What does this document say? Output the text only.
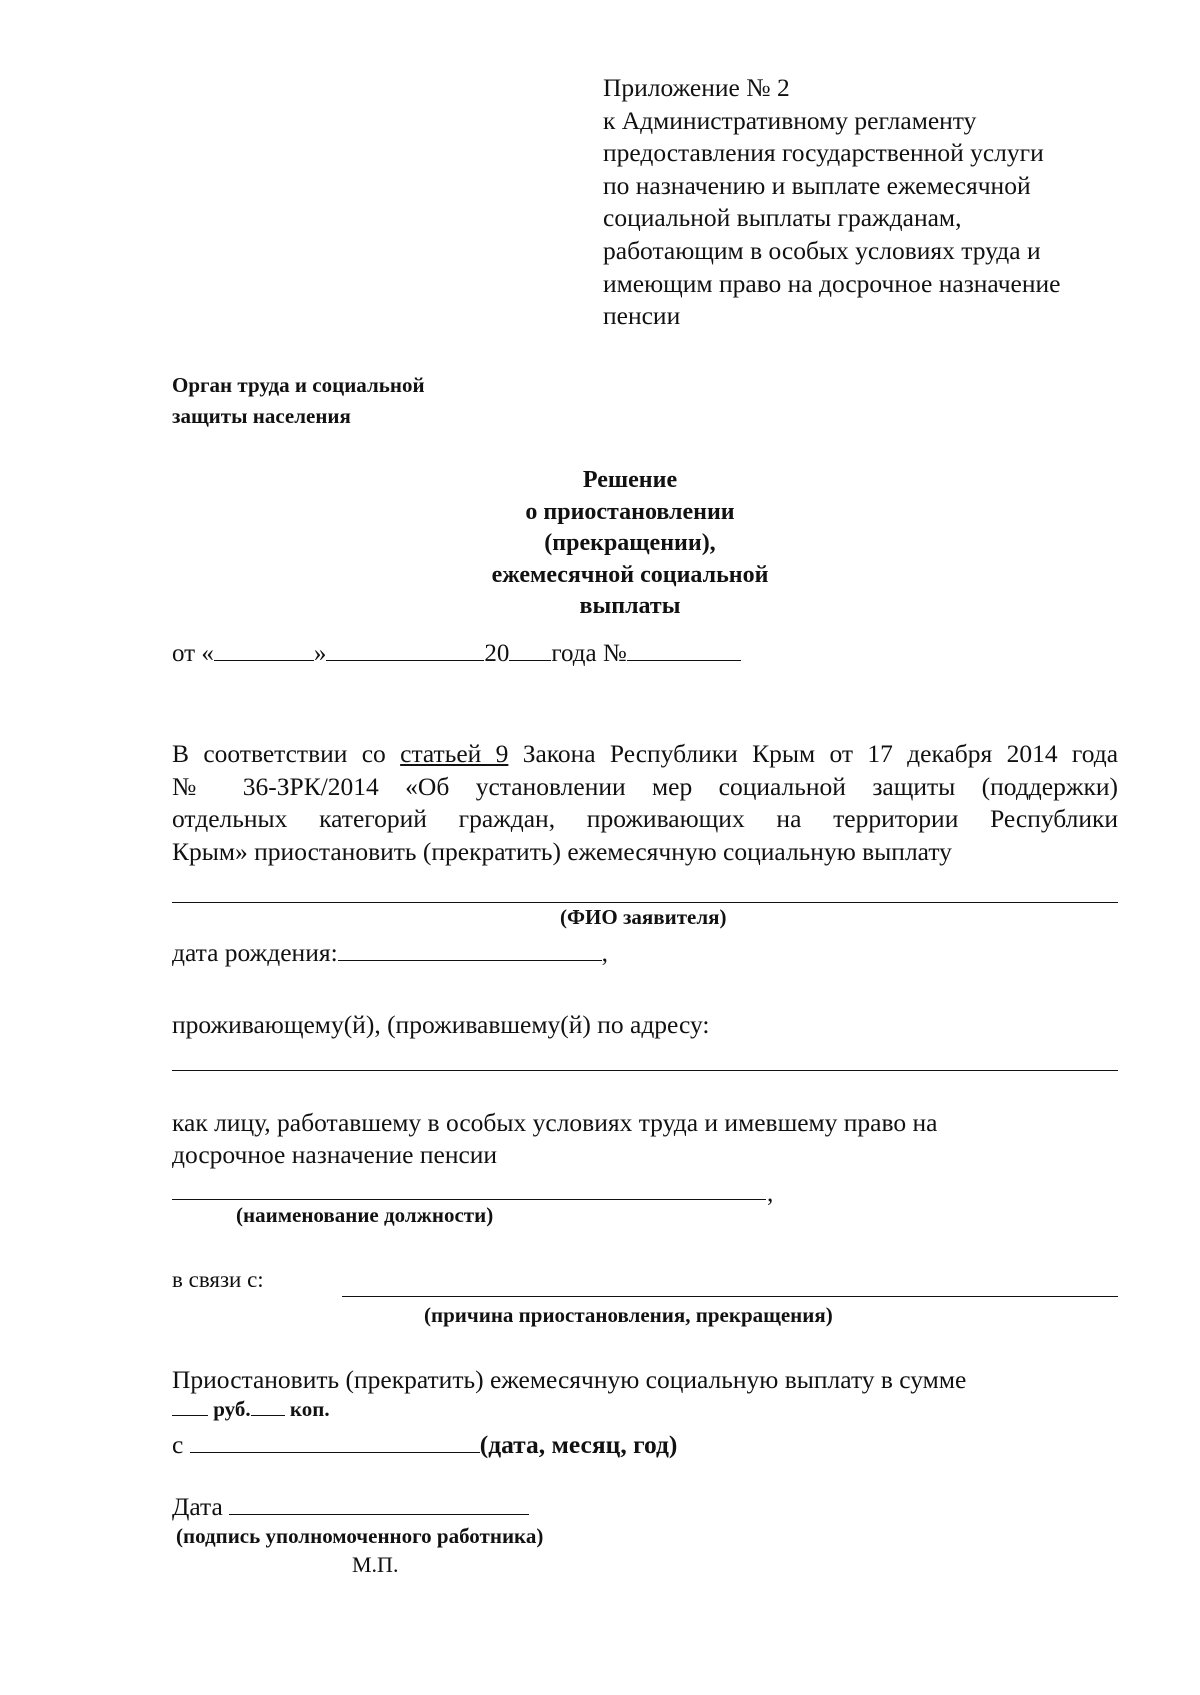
Приложение № 2
к Административному регламенту
предоставления государственной услуги
по назначению и выплате ежемесячной
социальной выплаты гражданам,
работающим в особых условиях труда и
имеющим право на досрочное назначение
пенсии
Орган труда и социальной
защиты населения
Решение
о приостановлении
(прекращении),
ежемесячной социальной
выплаты
от «	»	20 года №
В соответствии со статьей 9 Закона Республики Крым от 17 декабря 2014 года
№ 36-ЗРК/2014 «Об установлении мер социальной защиты (поддержки)
отдельных категорий граждан, проживающих на территории Республики
Крым» приостановить (прекратить) ежемесячную социальную выплату
(ФИО заявителя)
дата рождения:	,
проживающему(й), (проживавшему(й) по адресу:
как лицу, работавшему в особых условиях труда и имевшему право на
досрочное назначение пенсии
,
(наименование должности)
в связи с:
(причина приостановления, прекращения)
Приостановить (прекратить) ежемесячную социальную выплату в сумме
руб. коп.
с	(дата, месяц, год)
Дата
(подпись уполномоченного работника)
М.П.
